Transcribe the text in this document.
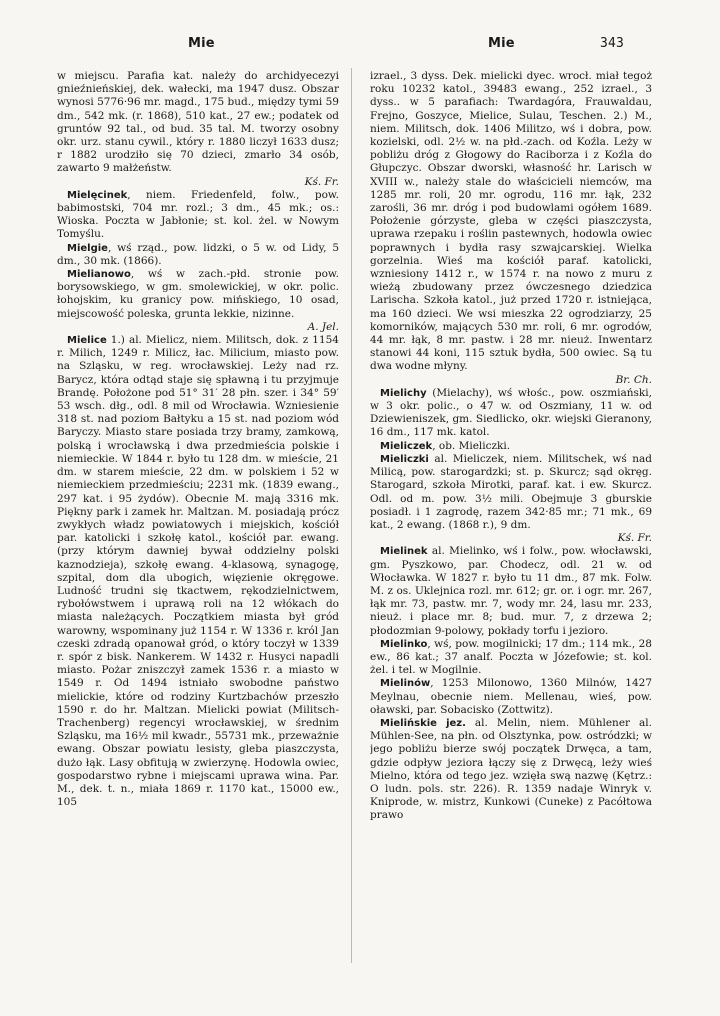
Mie	Mie	343

w miejscu. Parafia kat. należy do archidyecezyi gnieźnieńskiej, dek. wałecki, ma 1947 dusz. Obszar wynosi 5776·96 mr. magd., 175 bud., między tymi 59 dm., 542 mk. (r. 1868), 510 kat., 27 ew.; podatek od gruntów 92 tal., od bud. 35 tal. M. tworzy osobny okr. urz. stanu cywil., który r. 1880 liczył 1633 dusz; r 1882 urodziło się 70 dzieci, zmarło 34 osób, zawarto 9 małżeństw.
Kś. Fr.

Mielęcinek, niem. Friedenfeld, folw., pow. babimostski, 704 mr. rozl.; 3 dm., 45 mk.; os.: Wioska. Poczta w Jabłonie; st. kol. żel. w Nowym Tomyślu.

Mielgie, wś rząd., pow. lidzki, o 5 w. od Lidy, 5 dm., 30 mk. (1866).

Mielianowo, wś w zach.-płd. stronie pow. borysowskiego, w gm. smolewickiej, w okr. polic. łohojskim, ku granicy pow. mińskiego, 10 osad, miejscowość poleska, grunta lekkie, nizinne.
A. Jel.

Mielice 1.) al. Mielicz, niem. Militsch, dok. z 1154 r. Milich, 1249 r. Milicz, łac. Milicium, miasto pow. na Szląsku, w reg. wrocławskiej. Leży nad rz. Barycz, która odtąd staje się spławną i tu przyjmuje Brandę. Położone pod 51° 31′ 28 płn. szer. i 34° 59′ 53 wsch. dłg., odl. 8 mil od Wrocławia. Wzniesienie 318 st. nad poziom Bałtyku a 15 st. nad poziom wód Baryczy. Miasto stare posiada trzy bramy, zamkową, polską i wrocławską i dwa przedmieścia polskie i niemieckie. W 1844 r. było tu 128 dm. w mieście, 21 dm. w starem mieście, 22 dm. w polskiem i 52 w niemieckiem przedmieściu; 2231 mk. (1839 ewang., 297 kat. i 95 żydów). Obecnie M. mają 3316 mk. Piękny park i zamek hr. Maltzan. M. posiadają prócz zwykłych władz powiatowych i miejskich, kościół par. katolicki i szkołę katol., kościół par. ewang. (przy którym dawniej bywał oddzielny polski kaznodzieja), szkołę ewang. 4-klasową, synagogę, szpital, dom dla ubogich, więzienie okręgowe. Ludność trudni się tkactwem, rękodzielnictwem, rybołówstwem i uprawą roli na 12 włókach do miasta należących. Początkiem miasta był gród warowny, wspominany już 1154 r. W 1336 r. król Jan czeski zdradą opanował gród, o który toczył w 1339 r. spór z bisk. Nankerem. W 1432 r. Husyci napadli miasto. Pożar zniszczył zamek 1536 r. a miasto w 1549 r. Od 1494 istniało swobodne państwo mielickie, które od rodziny Kurtzbachów przeszło 1590 r. do hr. Maltzan. Mielicki powiat (Militsch-Trachenberg) regencyi wrocławskiej, w średnim Szląsku, ma 16½ mil kwadr., 55731 mk., przeważnie ewang. Obszar powiatu lesisty, gleba piaszczysta, dużo łąk. Lasy obfitują w zwierzynę. Hodowla owiec, gospodarstwo rybne i miejscami uprawa wina. Par. M., dek. t. n., miała 1869 r. 1170 kat., 15000 ew., 105

izrael., 3 dyss. Dek. mielicki dyec. wrocł. miał tegoż roku 10232 katol., 39483 ewang., 252 izrael., 3 dyss.. w 5 parafiach: Twardagóra, Frauwaldau, Frejno, Goszyce, Mielice, Sulau, Teschen. 2.) M., niem. Militsch, dok. 1406 Militzo, wś i dobra, pow. kozielski, odl. 2½ w. na płd.-zach. od Koźla. Leży w pobliżu dróg z Głogowy do Raciborza i z Koźla do Głupczyc. Obszar dworski, własność hr. Larisch w XVIII w., należy stale do właścicieli niemców, ma 1285 mr. roli, 20 mr. ogrodu, 116 mr. łąk, 232 zarośli, 36 mr. dróg i pod budowlami ogółem 1689. Położenie górzyste, gleba w części piaszczysta, uprawa rzepaku i roślin pastewnych, hodowla owiec poprawnych i bydła rasy szwajcarskiej. Wielka gorzelnia. Wieś ma kościół paraf. katolicki, wzniesiony 1412 r., w 1574 r. na nowo z muru z wieżą zbudowany przez ówczesnego dziedzica Larischa. Szkoła katol., już przed 1720 r. istniejąca, ma 160 dzieci. We wsi mieszka 22 ogrodziarzy, 25 komorników, mających 530 mr. roli, 6 mr. ogrodów, 44 mr. łąk, 8 mr. pastw. i 28 mr. nieuż. Inwentarz stanowi 44 koni, 115 sztuk bydła, 500 owiec. Są tu dwa wodne młyny.
Br. Ch.

Mielichy (Mielachy), wś włośc., pow. oszmiański, w 3 okr. polic., o 47 w. od Oszmiany, 11 w. od Dziewieniszek, gm. Siedlicko, okr. wiejski Gieranony, 16 dm., 117 mk. katol.

Mieliczek, ob. Mieliczki.

Mieliczki al. Mieliczek, niem. Militschek, wś nad Milicą, pow. starogardzki; st. p. Skurcz; sąd okręg. Starogard, szkoła Mirotki, paraf. kat. i ew. Skurcz. Odl. od m. pow. 3½ mili. Obejmuje 3 gburskie posiadł. i 1 zagrodę, razem 342·85 mr.; 71 mk., 69 kat., 2 ewang. (1868 r.), 9 dm.
Kś. Fr.

Mielinek al. Mielinko, wś i folw., pow. włocławski, gm. Pyszkowo, par. Chodecz, odl. 21 w. od Włocławka. W 1827 r. było tu 11 dm., 87 mk. Folw. M. z os. Uklejnica rozl. mr. 612; gr. or. i ogr. mr. 267, łąk mr. 73, pastw. mr. 7, wody mr. 24, lasu mr. 233, nieuż. i place mr. 8; bud. mur. 7, z drzewa 2; płodozmian 9-polowy, pokłady torfu i jezioro.

Mielinko, wś, pow. mogilnicki; 17 dm.; 114 mk., 28 ew., 86 kat.; 37 analf. Poczta w Józefowie; st. kol. żel. i tel. w Mogilnie.

Mielinów, 1253 Milonowo, 1360 Milnów, 1427 Meylnau, obecnie niem. Mellenau, wieś, pow. oławski, par. Sobacisko (Zottwitz).

Mielińskie jez. al. Melin, niem. Mühlener al. Mühlen-See, na płn. od Olsztynka, pow. ostródzki; w jego pobliżu bierze swój początek Drwęca, a tam, gdzie odpływ jeziora łączy się z Drwęcą, leży wieś Mielno, która od tego jez. wzięła swą nazwę (Kętrz.: O ludn. pols. str. 226). R. 1359 nadaje Winryk v. Kniprode, w. mistrz, Kunkowi (Cuneke) z Pacółtowa prawo
